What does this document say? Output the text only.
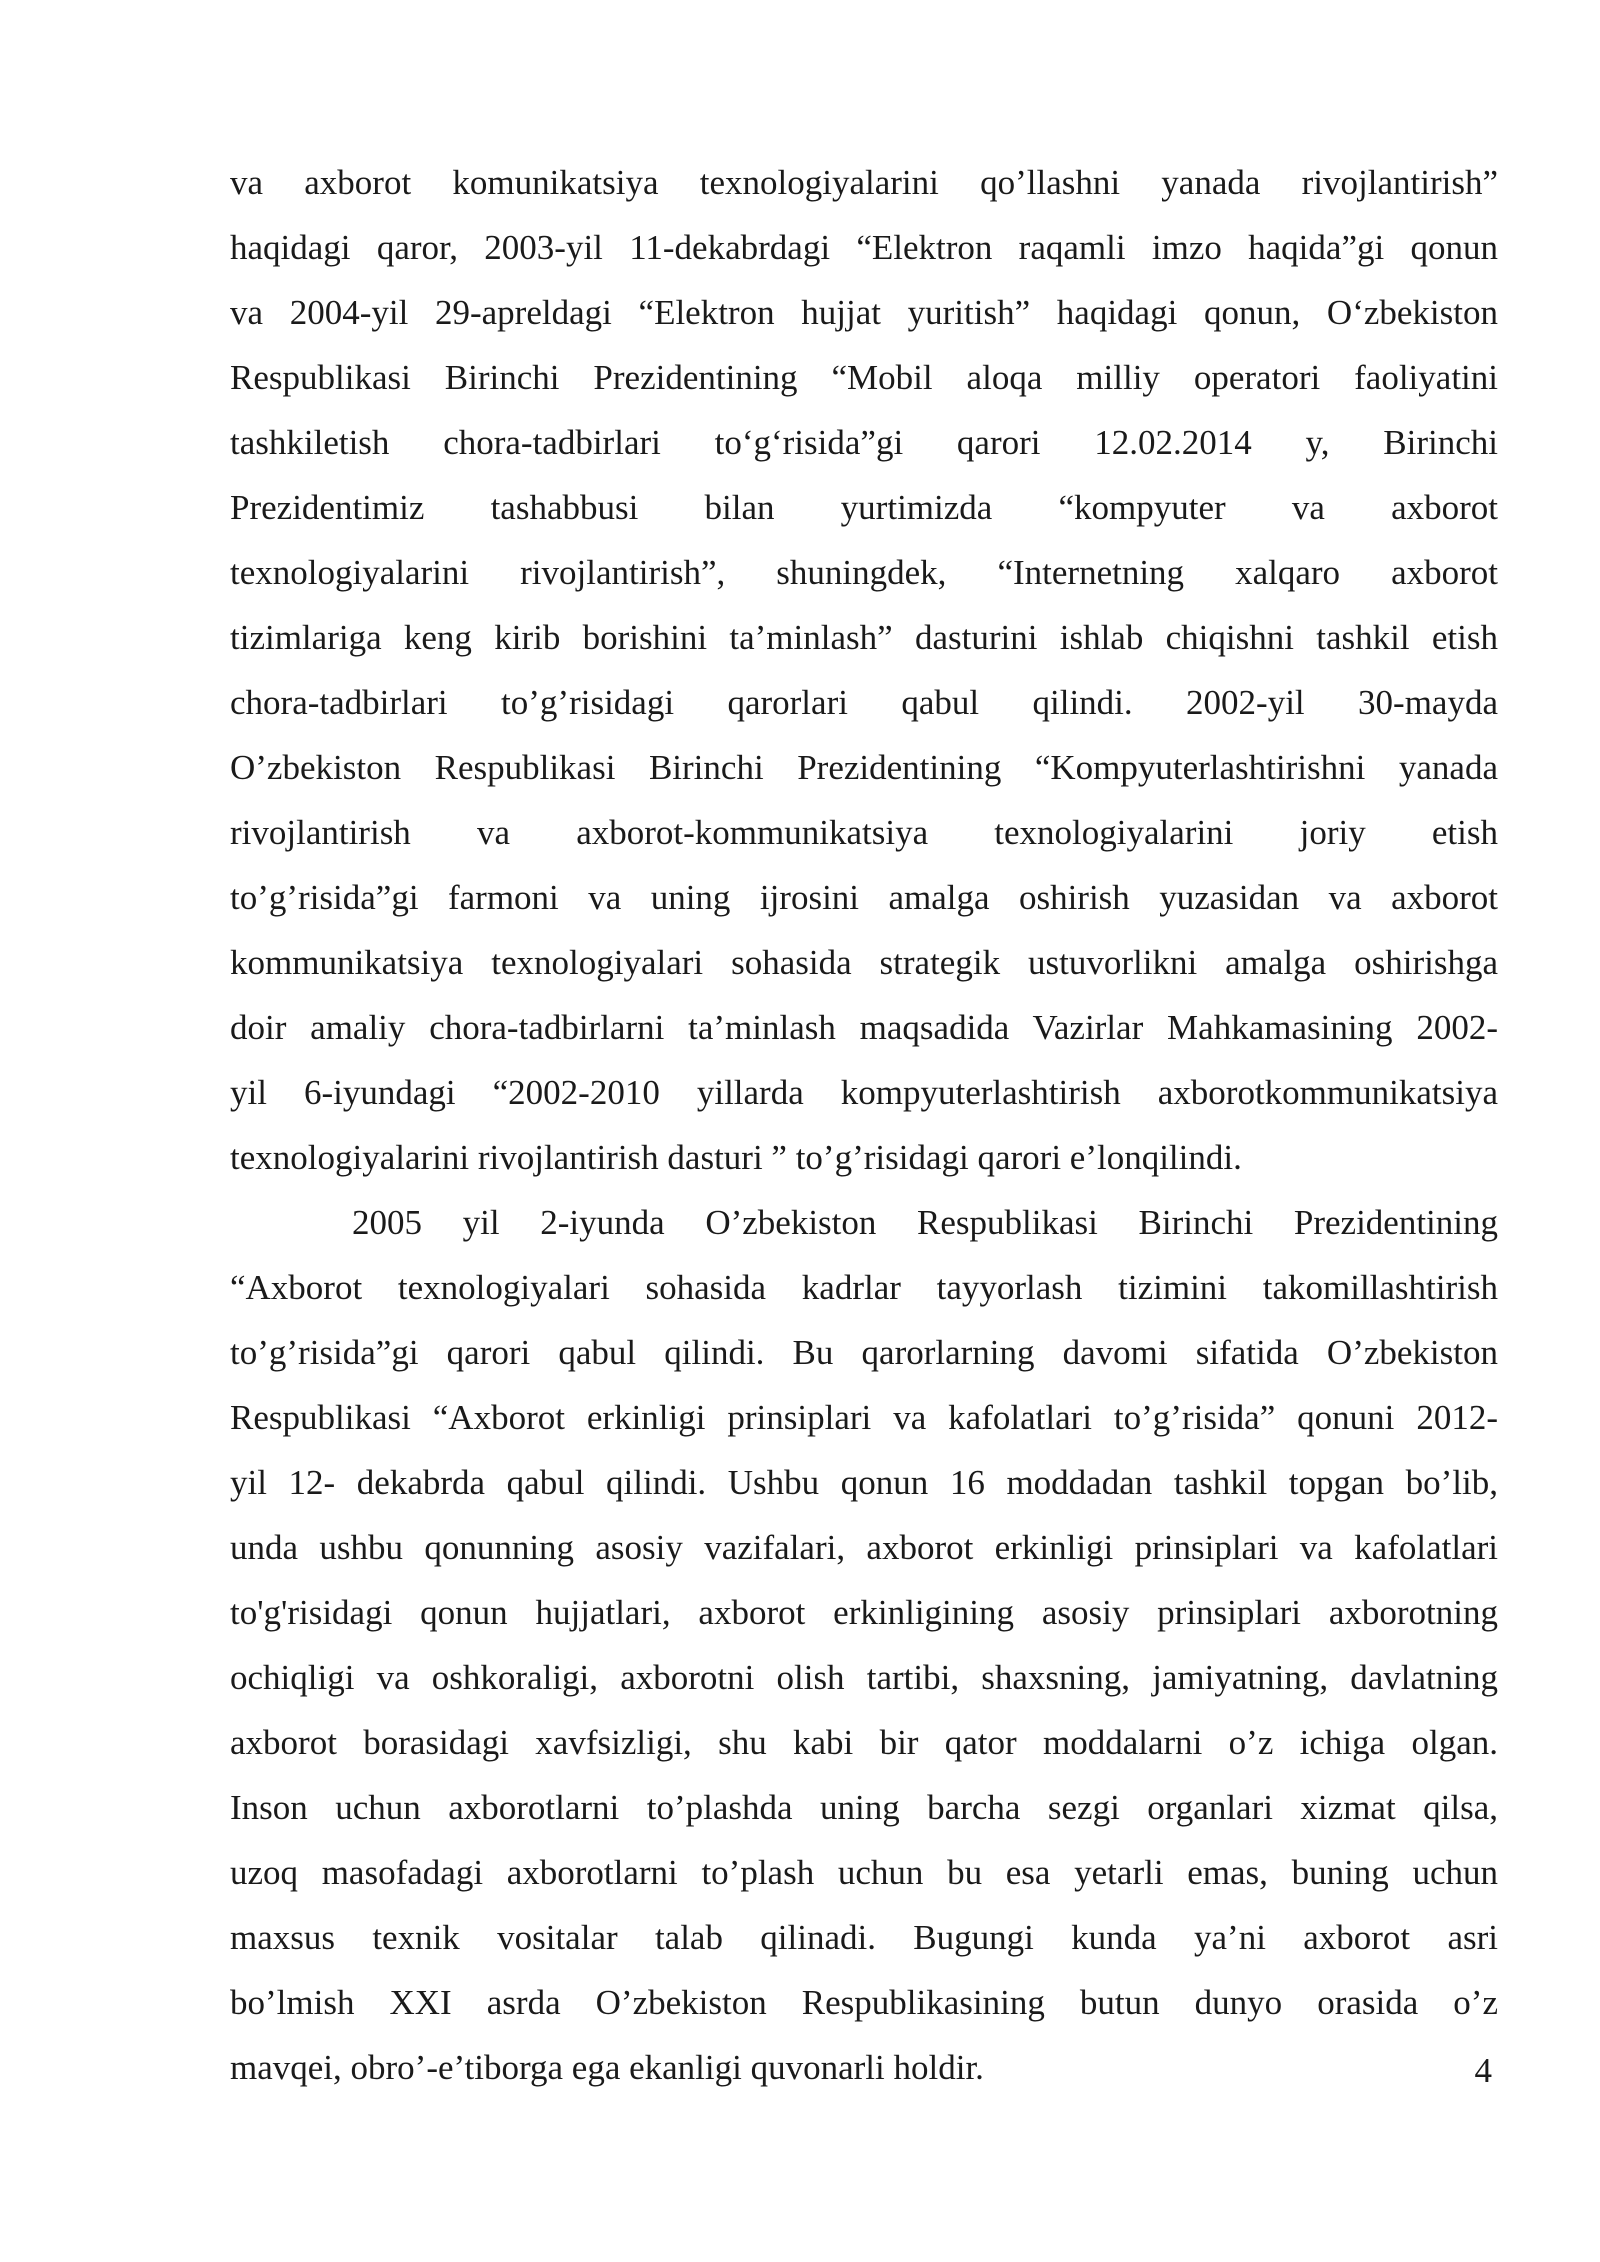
va axborot komunikatsiya texnologiyalarini qo’llashni yanada rivojlantirish”
haqidagi qaror, 2003-yil 11-dekabrdagi “Elektron raqamli imzo haqida”gi qonun
va 2004-yil 29-apreldagi “Elektron hujjat yuritish” haqidagi qonun, O‘zbekiston
Respublikasi Birinchi Prezidentining “Mobil aloqa milliy operatori faoliyatini
tashkiletish chora-tadbirlari to‘g‘risida”gi qarori 12.02.2014 y, Birinchi
Prezidentimiz tashabbusi bilan yurtimizda “kompyuter va axborot
texnologiyalarini rivojlantirish”, shuningdek, “Internetning xalqaro axborot
tizimlariga keng kirib borishini ta’minlash” dasturini ishlab chiqishni tashkil etish
chora-tadbirlari to’g’risidagi qarorlari qabul qilindi. 2002-yil 30-mayda
O’zbekiston Respublikasi Birinchi Prezidentining “Kompyuterlashtirishni yanada
rivojlantirish va axborot-kommunikatsiya texnologiyalarini joriy etish
to’g’risida”gi farmoni va uning ijrosini amalga oshirish yuzasidan va axborot
kommunikatsiya texnologiyalari sohasida strategik ustuvorlikni amalga oshirishga
doir amaliy chora-tadbirlarni ta’minlash maqsadida Vazirlar Mahkamasining 2002-
yil 6-iyundagi “2002-2010 yillarda kompyuterlashtirish axborotkommunikatsiya
texnologiyalarini rivojlantirish dasturi ” to’g’risidagi qarori e’lonqilindi.
2005 yil 2-iyunda O’zbekiston Respublikasi Birinchi Prezidentining
“Axborot texnologiyalari sohasida kadrlar tayyorlash tizimini takomillashtirish
to’g’risida”gi qarori qabul qilindi. Bu qarorlarning davomi sifatida O’zbekiston
Respublikasi “Axborot erkinligi prinsiplari va kafolatlari to’g’risida” qonuni 2012-
yil 12- dekabrda qabul qilindi. Ushbu qonun 16 moddadan tashkil topgan bo’lib,
unda ushbu qonunning asosiy vazifalari, axborot erkinligi prinsiplari va kafolatlari
to'g'risidagi qonun hujjatlari, axborot erkinligining asosiy prinsiplari axborotning
ochiqligi va oshkoraligi, axborotni olish tartibi, shaxsning, jamiyatning, davlatning
axborot borasidagi xavfsizligi, shu kabi bir qator moddalarni o’z ichiga olgan.
Inson uchun axborotlarni to’plashda uning barcha sezgi organlari xizmat qilsa,
uzoq masofadagi axborotlarni to’plash uchun bu esa yetarli emas, buning uchun
maxsus texnik vositalar talab qilinadi. Bugungi kunda ya’ni axborot asri
bo’lmish XXI asrda O’zbekiston Respublikasining butun dunyo orasida o’z
mavqei, obro’-e’tiborga ega ekanligi quvonarli holdir.	4
